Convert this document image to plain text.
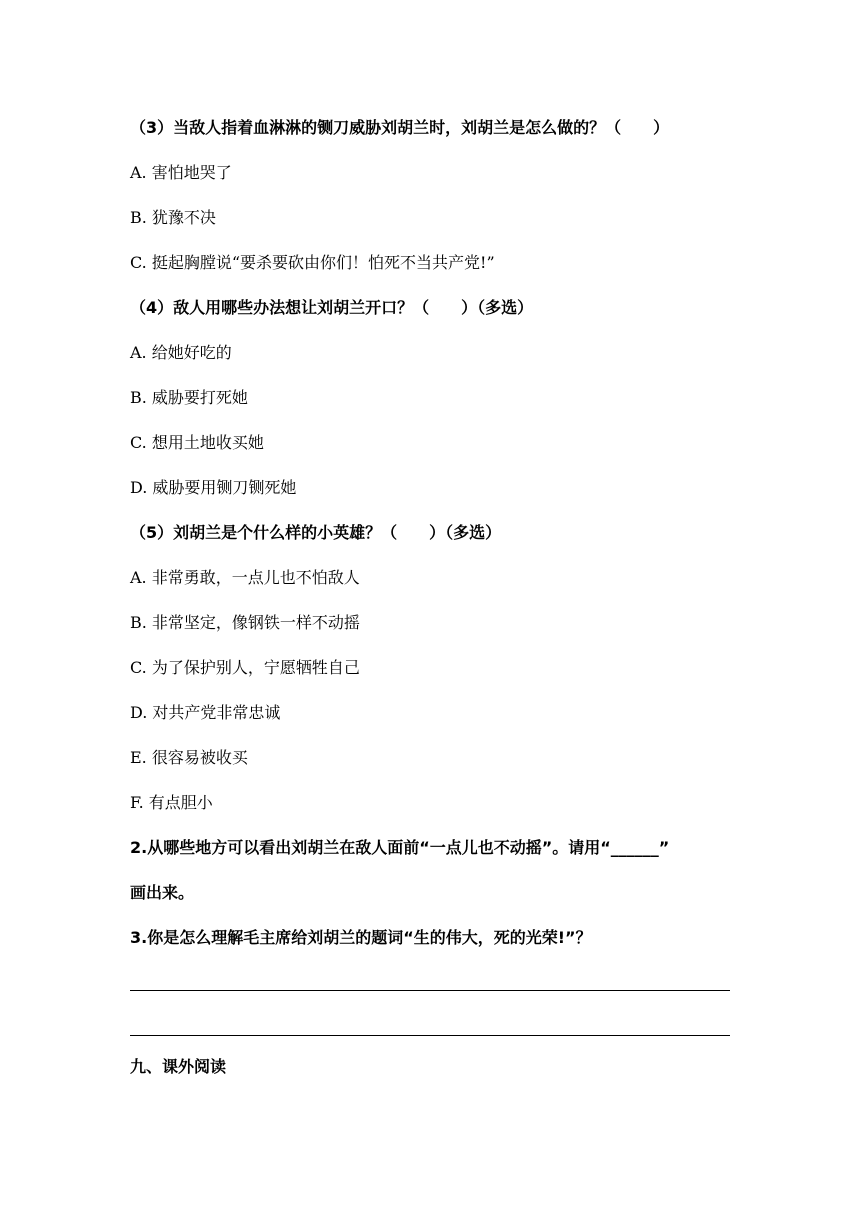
（3）当敌人指着血淋淋的铡刀威胁刘胡兰时，刘胡兰是怎么做的？（　　）
A. 害怕地哭了
B. 犹豫不决
C. 挺起胸膛说“要杀要砍由你们！怕死不当共产党!”
（4）敌人用哪些办法想让刘胡兰开口？（　　）（多选）
A. 给她好吃的
B. 威胁要打死她
C. 想用土地收买她
D. 威胁要用铡刀铡死她
（5）刘胡兰是个什么样的小英雄？（　　）（多选）
A. 非常勇敢，一点儿也不怕敌人
B. 非常坚定，像钢铁一样不动摇
C. 为了保护别人，宁愿牺牲自己
D. 对共产党非常忠诚
E. 很容易被收买
F. 有点胆小
2.从哪些地方可以看出刘胡兰在敌人面前“一点儿也不动摇”。请用“______”
画出来。
3.你是怎么理解毛主席给刘胡兰的题词“生的伟大，死的光荣!”？
九、课外阅读
